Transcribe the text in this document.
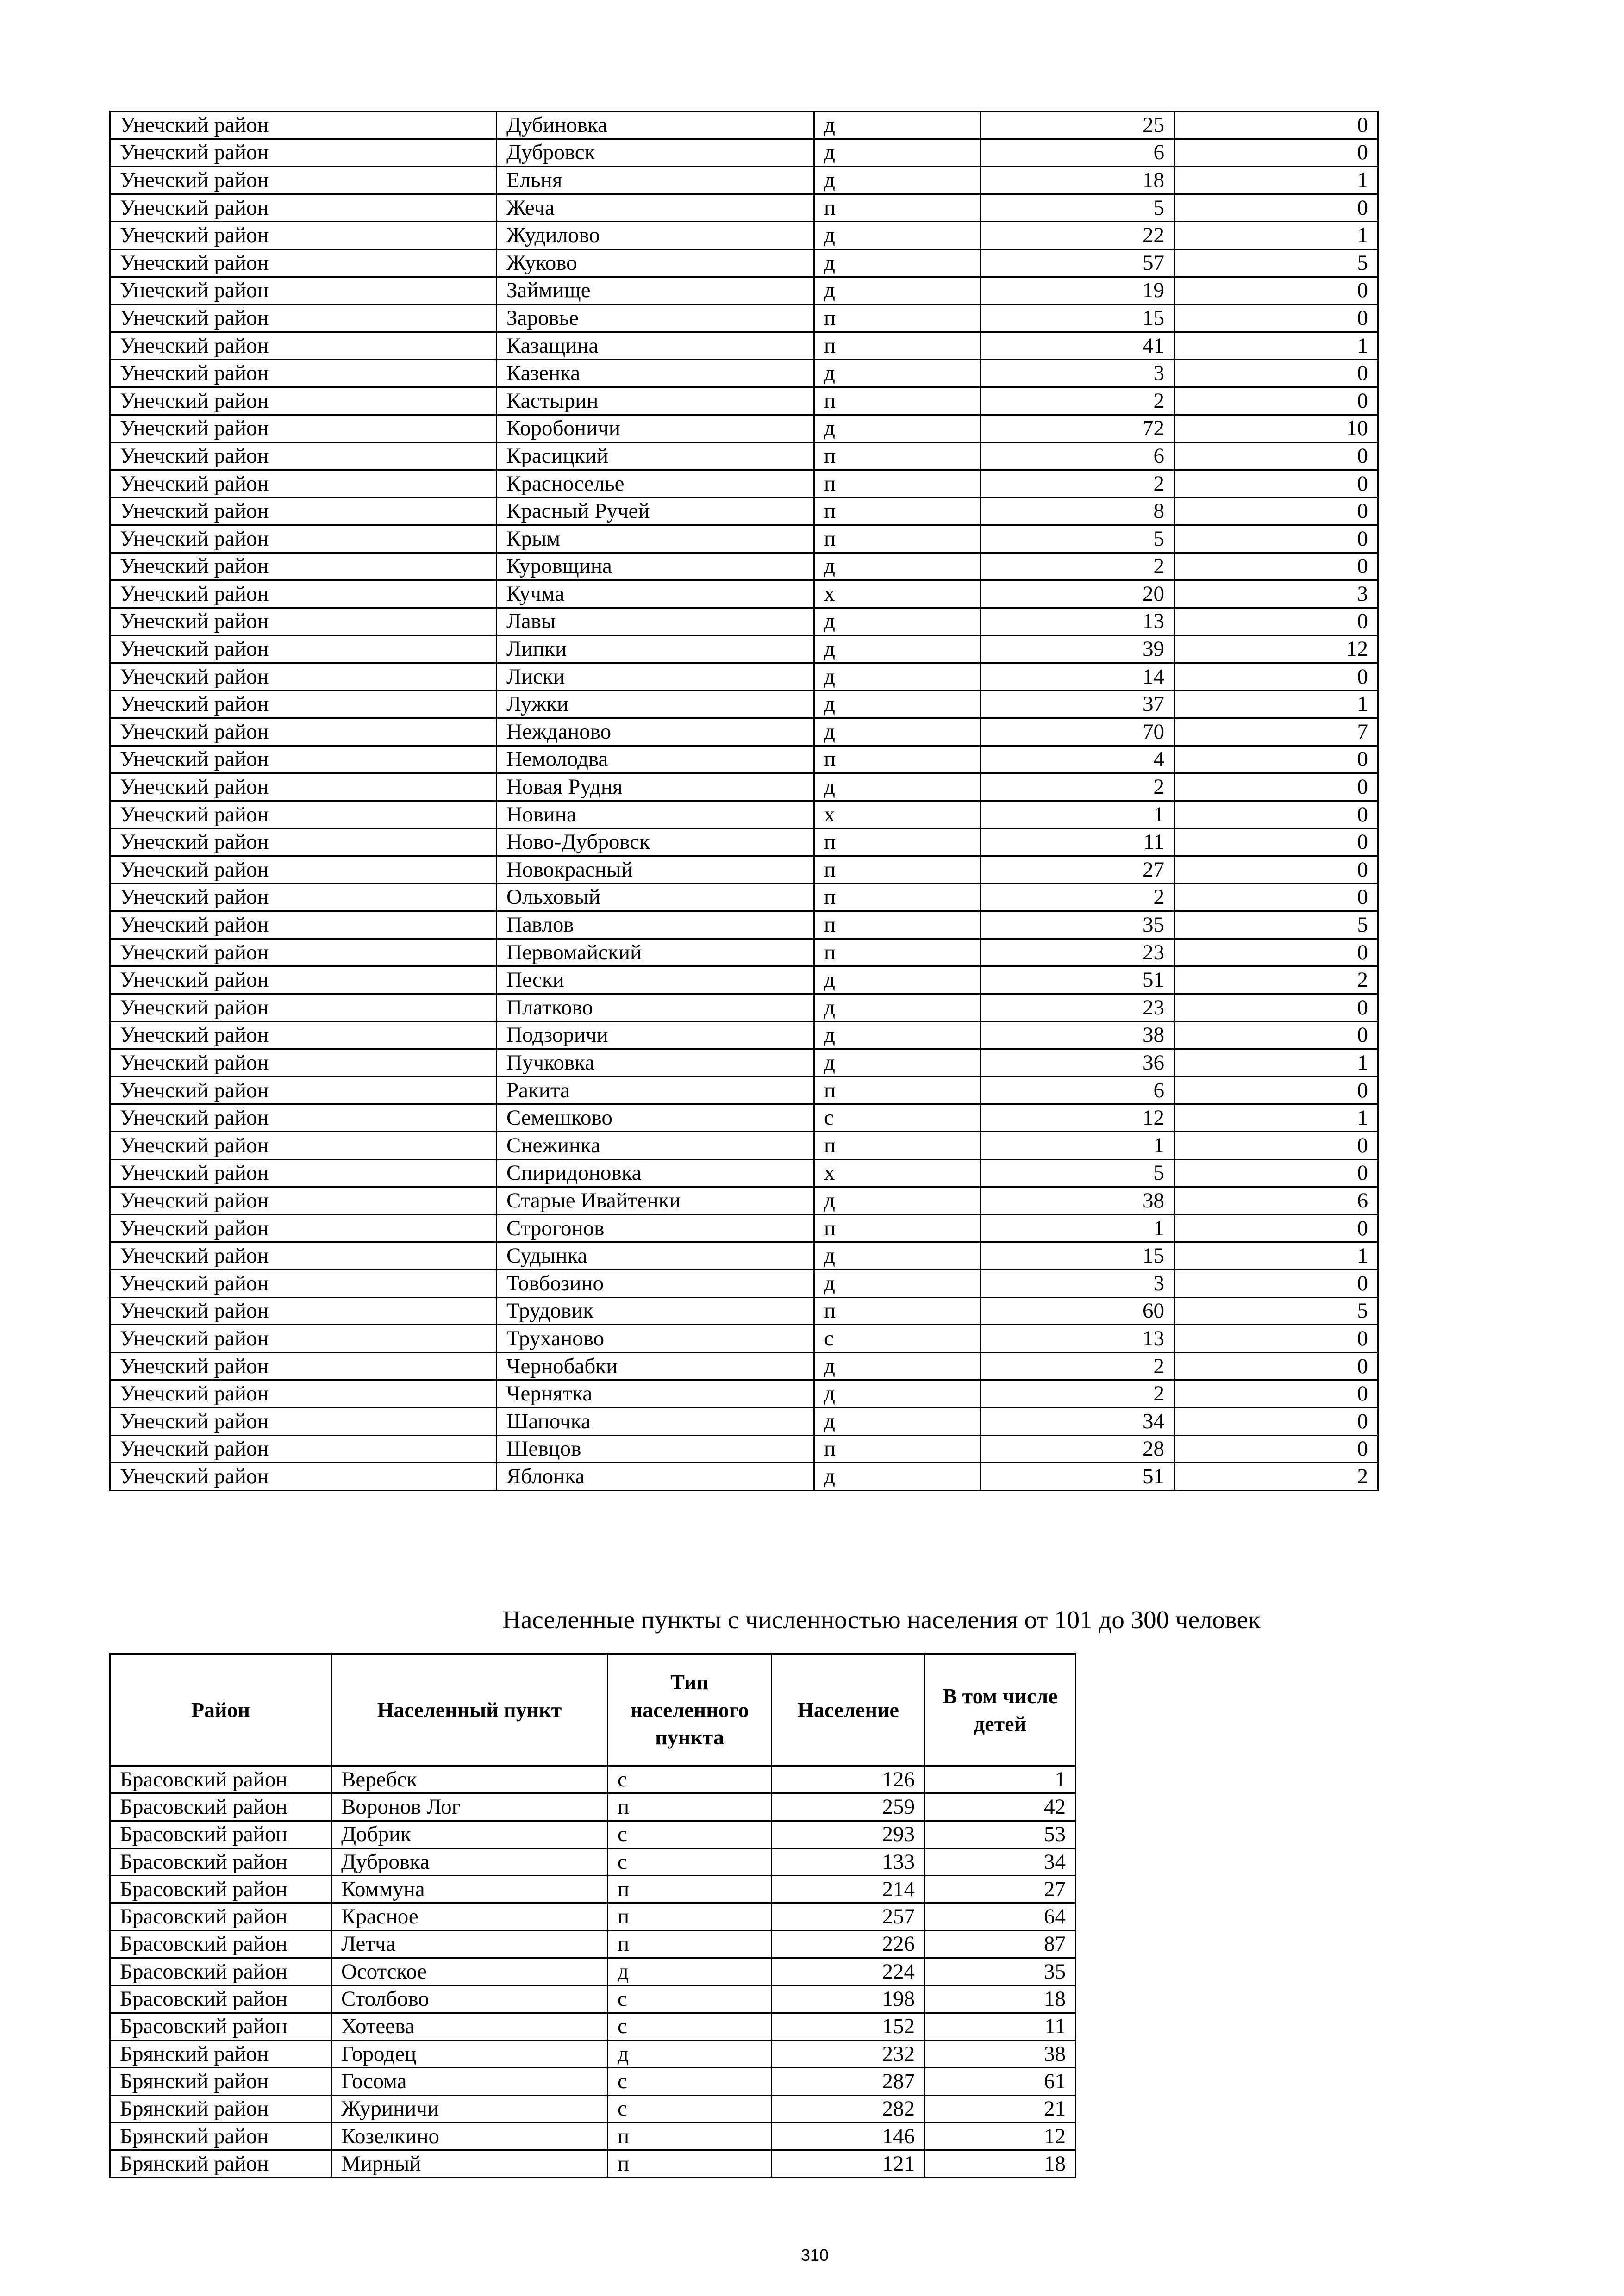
Унечский район	Дубиновка	д	25	0
Унечский район	Дубровск	д	6	0
Унечский район	Ельня	д	18	1
Унечский район	Жеча	п	5	0
Унечский район	Жудилово	д	22	1
Унечский район	Жуково	д	57	5
Унечский район	Займище	д	19	0
Унечский район	Заровье	п	15	0
Унечский район	Казащина	п	41	1
Унечский район	Казенка	д	3	0
Унечский район	Кастырин	п	2	0
Унечский район	Коробоничи	д	72	10
Унечский район	Красицкий	п	6	0
Унечский район	Красноселье	п	2	0
Унечский район	Красный Ручей	п	8	0
Унечский район	Крым	п	5	0
Унечский район	Куровщина	д	2	0
Унечский район	Кучма	х	20	3
Унечский район	Лавы	д	13	0
Унечский район	Липки	д	39	12
Унечский район	Лиски	д	14	0
Унечский район	Лужки	д	37	1
Унечский район	Нежданово	д	70	7
Унечский район	Немолодва	п	4	0
Унечский район	Новая Рудня	д	2	0
Унечский район	Новина	х	1	0
Унечский район	Ново-Дубровск	п	11	0
Унечский район	Новокрасный	п	27	0
Унечский район	Ольховый	п	2	0
Унечский район	Павлов	п	35	5
Унечский район	Первомайский	п	23	0
Унечский район	Пески	д	51	2
Унечский район	Платково	д	23	0
Унечский район	Подзоричи	д	38	0
Унечский район	Пучковка	д	36	1
Унечский район	Ракита	п	6	0
Унечский район	Семешково	с	12	1
Унечский район	Снежинка	п	1	0
Унечский район	Спиридоновка	х	5	0
Унечский район	Старые Ивайтенки	д	38	6
Унечский район	Строгонов	п	1	0
Унечский район	Судынка	д	15	1
Унечский район	Товбозино	д	3	0
Унечский район	Трудовик	п	60	5
Унечский район	Труханово	с	13	0
Унечский район	Чернобабки	д	2	0
Унечский район	Чернятка	д	2	0
Унечский район	Шапочка	д	34	0
Унечский район	Шевцов	п	28	0
Унечский район	Яблонка	д	51	2
Населенные пункты с численностью населения от 101 до 300 человек
Район	Населенный пункт	Тип населенного пункта	Население	В том числе детей
Брасовский район	Веребск	с	126	1
Брасовский район	Воронов Лог	п	259	42
Брасовский район	Добрик	с	293	53
Брасовский район	Дубровка	с	133	34
Брасовский район	Коммуна	п	214	27
Брасовский район	Красное	п	257	64
Брасовский район	Летча	п	226	87
Брасовский район	Осотское	д	224	35
Брасовский район	Столбово	с	198	18
Брасовский район	Хотеева	с	152	11
Брянский район	Городец	д	232	38
Брянский район	Госома	с	287	61
Брянский район	Журиничи	с	282	21
Брянский район	Козелкино	п	146	12
Брянский район	Мирный	п	121	18
310
